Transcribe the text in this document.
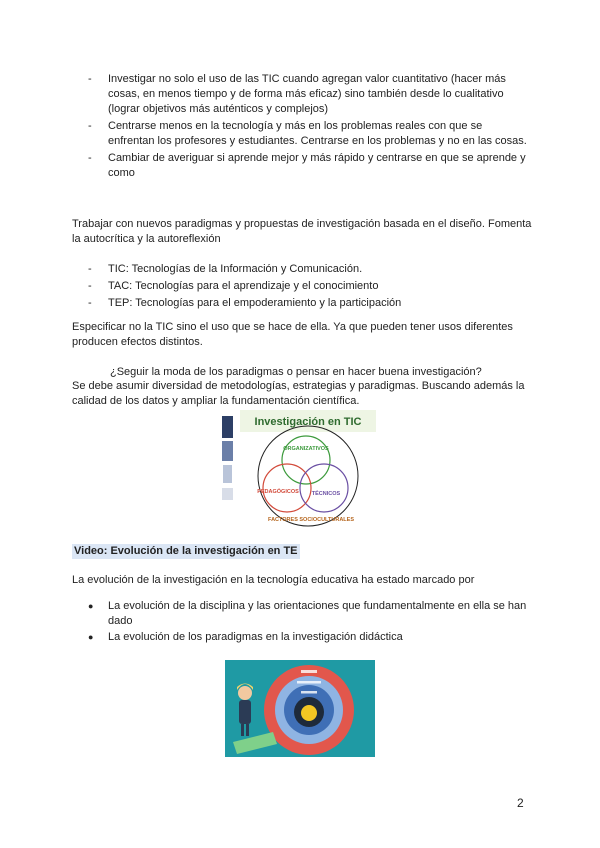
- Investigar no solo el uso de las TIC cuando agregan valor cuantitativo (hacer más cosas, en menos tiempo y de forma más eficaz) sino también desde lo cualitativo (lograr objetivos más auténticos y complejos)
- Centrarse menos en la tecnología y más en los problemas reales con que se enfrentan los profesores y estudiantes. Centrarse en los problemas y no en las cosas.
- Cambiar de averiguar si aprende mejor y más rápido y centrarse en que se aprende y como

Trabajar con nuevos paradigmas y propuestas de investigación basada en el diseño. Fomenta la autocrítica y la autoreflexión

- TIC: Tecnologías de la Información y Comunicación.
- TAC: Tecnologías para el aprendizaje y el conocimiento
- TEP: Tecnologías para el empoderamiento y la participación

Especificar no la TIC sino el uso que se hace de ella. Ya que pueden tener usos diferentes producen efectos distintos.

¿Seguir la moda de los paradigmas o pensar en hacer buena investigación?

Se debe asumir diversidad de metodologías, estrategias y paradigmas. Buscando además la calidad de los datos y ampliar la fundamentación científica.

Investigación en TIC
ORGANIZATIVOS
PEDAGÓGICOS TÉCNICOS
FACTORES SOCIOCULTURALES

Video: Evolución de la investigación en TE

La evolución de la investigación en la tecnología educativa ha estado marcado por

● La evolución de la disciplina y las orientaciones que fundamentalmente en ella se han dado
● La evolución de los paradigmas en la investigación didáctica
2
